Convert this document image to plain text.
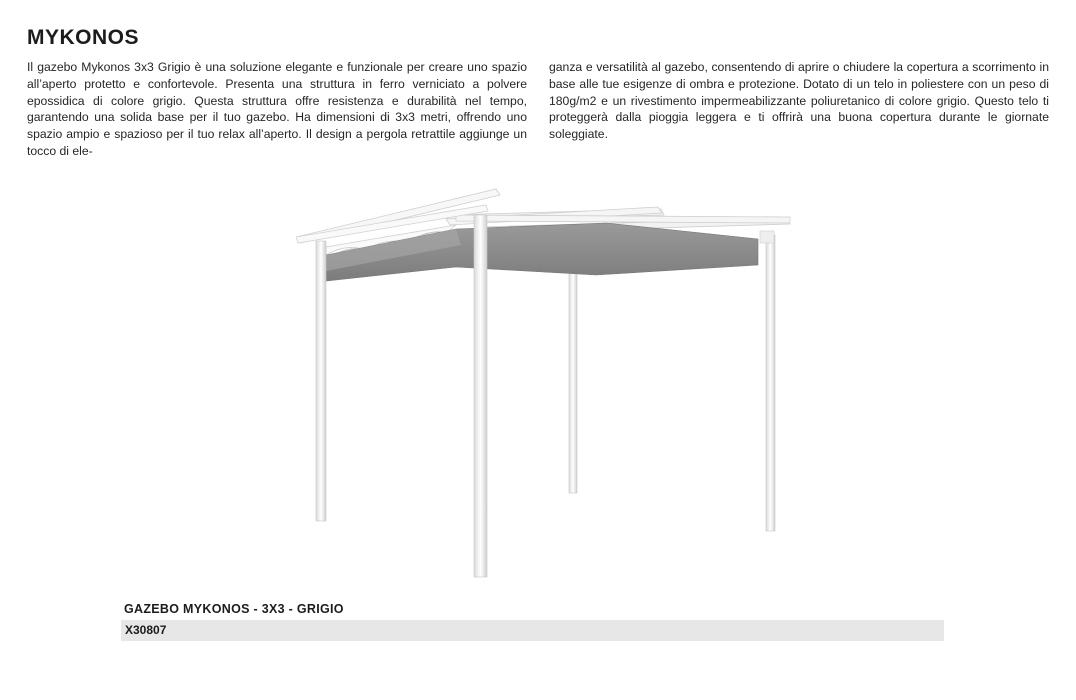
MYKONOS

Il gazebo Mykonos 3x3 Grigio è una soluzione elegante e funzionale per creare uno spazio all’aperto protetto e confortevole. Presenta una struttura in ferro verniciato a polvere epossidica di colore grigio. Questa struttura offre resistenza e durabilità nel tempo, garantendo una solida base per il tuo gazebo. Ha dimensioni di 3x3 metri, offrendo uno spazio ampio e spazioso per il tuo relax all’aperto. Il design a pergola retrattile aggiunge un tocco di ele-

ganza e versatilità al gazebo, consentendo di aprire o chiudere la copertura a scorrimento in base alle tue esigenze di ombra e protezione. Dotato di un telo in poliestere con un peso di 180g/m2 e un rivestimento impermeabilizzante poliuretanico di colore grigio. Questo telo ti proteggerà dalla pioggia leggera e ti offrirà una buona copertura durante le giornate soleggiate.

GAZEBO MYKONOS - 3X3 - GRIGIO
X30807
